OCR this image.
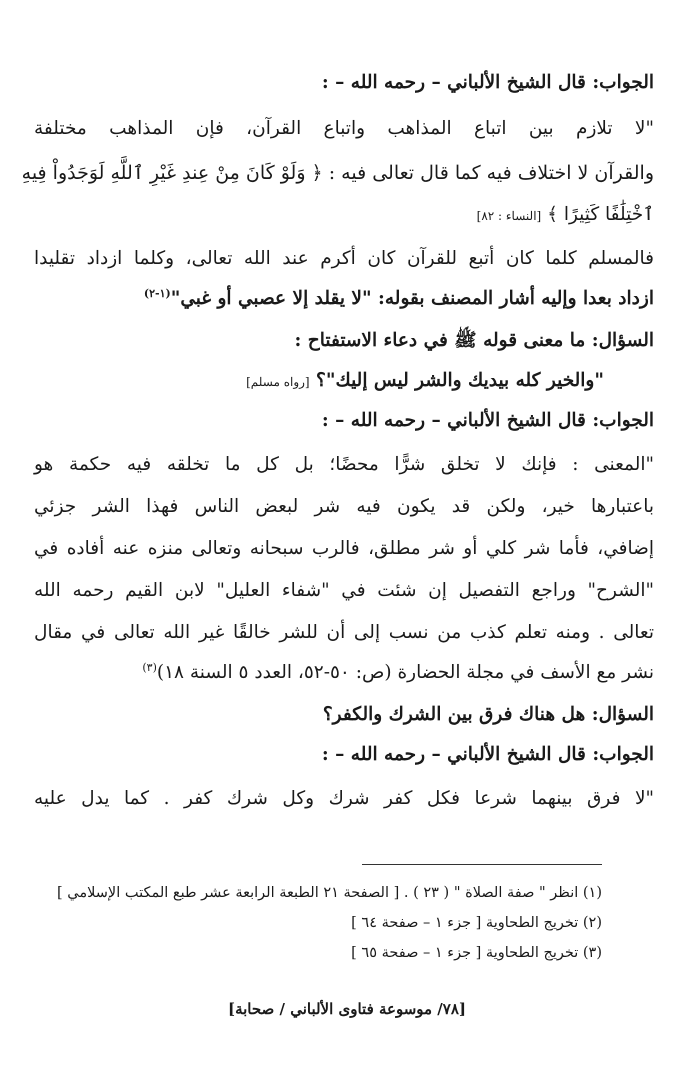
الجواب: قال الشيخ الألباني – رحمه الله – :
"لا تلازم بين اتباع المذاهب واتباع القرآن، فإن المذاهب مختلفة
والقرآن لا اختلاف فيه كما قال تعالى فيه : ﴿ وَلَوْ كَانَ مِنْ عِندِ غَيْرِ ٱللَّهِ لَوَجَدُواْ فِيهِ
ٱخْتِلَٰفًا كَثِيرًا ﴾ [النساء : ٨٢]
فالمسلم كلما كان أتبع للقرآن كان أكرم عند الله تعالى، وكلما ازداد تقليدا
ازداد بعدا وإليه أشار المصنف بقوله: "لا يقلد إلا عصبي أو غبي"$^{(١-٢)}$
السؤال: ما معنى قوله ﷺ في دعاء الاستفتاح :
"والخير كله بيديك والشر ليس إليك"؟ [رواه مسلم]
الجواب: قال الشيخ الألباني – رحمه الله – :
"المعنى : فإنك لا تخلق شرًّا محضًا؛ بل كل ما تخلقه فيه حكمة هو
باعتبارها خير، ولكن قد يكون فيه شر لبعض الناس فهذا الشر جزئي
إضافي، فأما شر كلي أو شر مطلق، فالرب سبحانه وتعالى منزه عنه أفاده في
"الشرح" وراجع التفصيل إن شئت في "شفاء العليل" لابن القيم رحمه الله
تعالى . ومنه تعلم كذب من نسب إلى أن للشر خالقًا غير الله تعالى في مقال
نشر مع الأسف في مجلة الحضارة (ص: ٥٠-٥٢، العدد ٥ السنة ١٨)$^{(٣)}$
السؤال: هل هناك فرق بين الشرك والكفر؟
الجواب: قال الشيخ الألباني – رحمه الله – :
"لا فرق بينهما شرعا فكل كفر شرك وكل شرك كفر . كما يدل عليه
(١) انظر " صفة الصلاة " ( ٢٣ ) . [ الصفحة ٢١ الطبعة الرابعة عشر طبع المكتب الإسلامي ]
(٢) تخريج الطحاوية [ جزء ١ – صفحة ٦٤ ]
(٣) تخريج الطحاوية [ جزء ١ – صفحة ٦٥ ]
[٧٨/ موسوعة فتاوى الألباني / صحابة]
